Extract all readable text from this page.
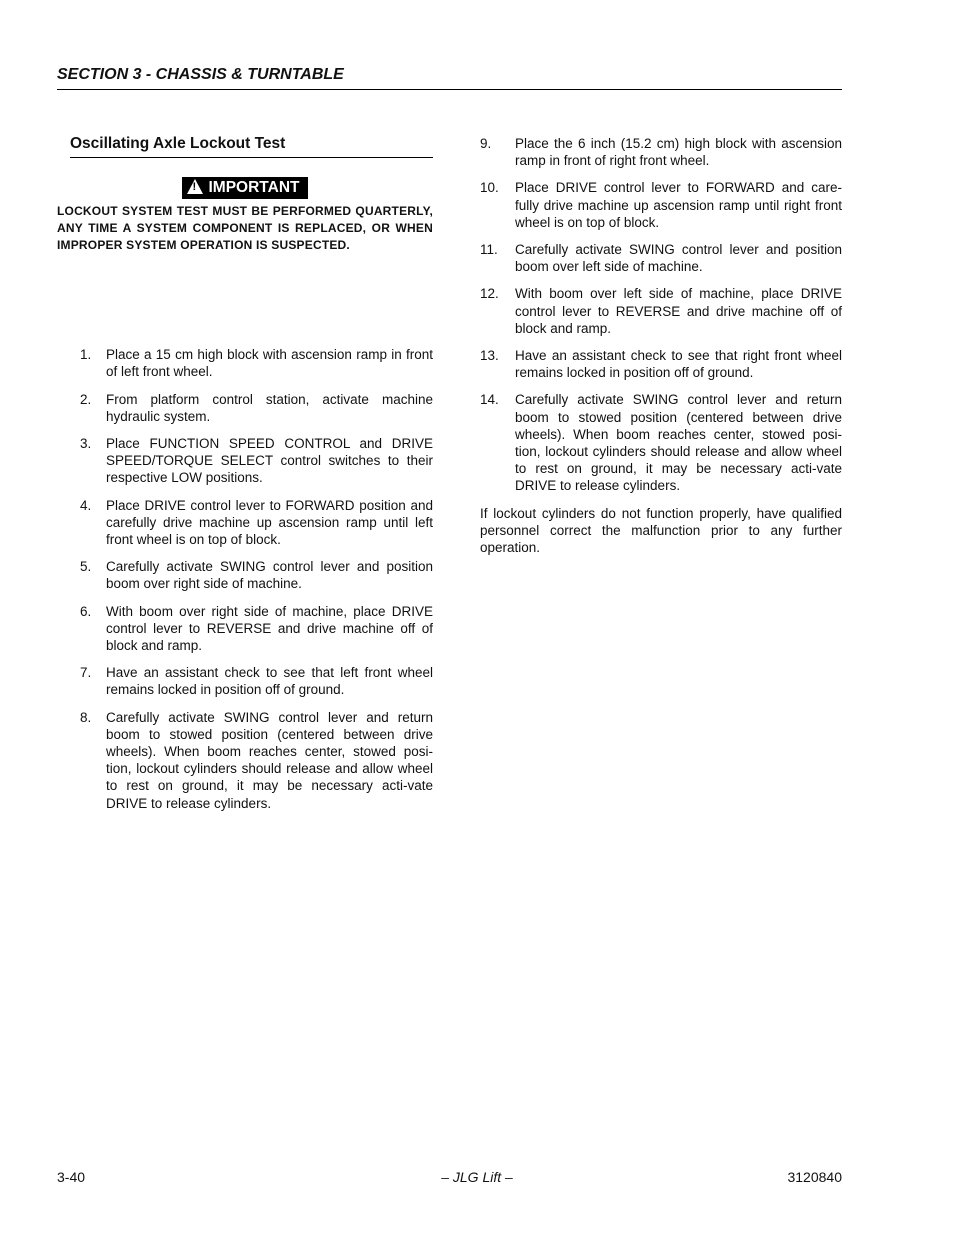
SECTION 3 - CHASSIS & TURNTABLE
Oscillating Axle Lockout Test
! IMPORTANT
LOCKOUT SYSTEM TEST MUST BE PERFORMED QUARTERLY, ANY TIME A SYSTEM COMPONENT IS REPLACED, OR WHEN IMPROPER SYSTEM OPERATION IS SUSPECTED.
1. Place a 15 cm high block with ascension ramp in front of left front wheel.
2. From platform control station, activate machine hydraulic system.
3. Place FUNCTION SPEED CONTROL and DRIVE SPEED/TORQUE SELECT control switches to their respective LOW positions.
4. Place DRIVE control lever to FORWARD position and carefully drive machine up ascension ramp until left front wheel is on top of block.
5. Carefully activate SWING control lever and position boom over right side of machine.
6. With boom over right side of machine, place DRIVE control lever to REVERSE and drive machine off of block and ramp.
7. Have an assistant check to see that left front wheel remains locked in position off of ground.
8. Carefully activate SWING control lever and return boom to stowed position (centered between drive wheels). When boom reaches center, stowed posi-tion, lockout cylinders should release and allow wheel to rest on ground, it may be necessary acti-vate DRIVE to release cylinders.
9. Place the 6 inch (15.2 cm) high block with ascension ramp in front of right front wheel.
10. Place DRIVE control lever to FORWARD and care-fully drive machine up ascension ramp until right front wheel is on top of block.
11. Carefully activate SWING control lever and position boom over left side of machine.
12. With boom over left side of machine, place DRIVE control lever to REVERSE and drive machine off of block and ramp.
13. Have an assistant check to see that right front wheel remains locked in position off of ground.
14. Carefully activate SWING control lever and return boom to stowed position (centered between drive wheels). When boom reaches center, stowed posi-tion, lockout cylinders should release and allow wheel to rest on ground, it may be necessary acti-vate DRIVE to release cylinders.
If lockout cylinders do not function properly, have qualified personnel correct the malfunction prior to any further operation.
3-40	– JLG Lift –	3120840
